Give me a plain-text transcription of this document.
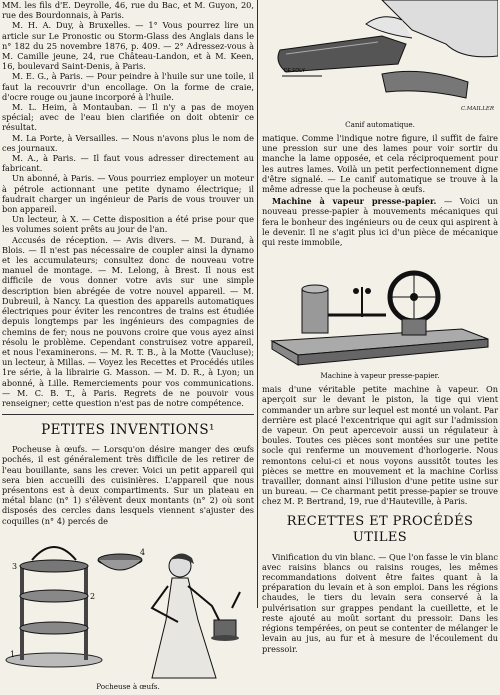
MM. les fils d'E. Deyrolle, 46, rue du Bac, et M. Guyon, 20, rue des Bourdonnais, à Paris.

M. H. A. Duy, à Bruxelles. — 1° Vous pourrez lire un article sur Le Pronostic ou Storm-Glass des Anglais dans le n° 182 du 25 novembre 1876, p. 409. — 2° Adressez-vous à M. Camille jeune, 24, rue Château-Landon, et à M. Keen, 16, boulevard Saint-Denis, à Paris.

M. E. G., à Paris. — Pour peindre à l'huile sur une toile, il faut la recouvrir d'un encollage. On la forme de craie, d'ocre rouge ou jaune incorporé à l'huile.

M. L. Heim, à Montauban. — Il n'y a pas de moyen spécial; avec de l'eau bien clarifiée on doit obtenir ce résultat.

M. La Porte, à Versailles. — Nous n'avons plus le nom de ces journaux.

M. A., à Paris. — Il faut vous adresser directement au fabricant.

Un abonné, à Paris. — Vous pourriez employer un moteur à pétrole actionnant une petite dynamo électrique; il faudrait charger un ingénieur de Paris de vous trouver un bon appareil.

Un lecteur, à X. — Cette disposition a été prise pour que les volumes soient prêts au jour de l'an.

Accusés de réception. — Avis divers. — M. Durand, à Blois. — Il n'est pas nécessaire de coupler ainsi la dynamo et les accumulateurs; consultez donc de nouveau votre manuel de montage. — M. Lelong, à Brest. Il nous est difficile de vous donner votre avis sur une simple description bien abrégée de votre nouvel appareil. — M. Dubreuil, à Nancy. La question des appareils automatiques électriques pour éviter les rencontres de trains est étudiée depuis longtemps par les ingénieurs des compagnies de chemins de fer; nous ne pouvons croire que vous ayez ainsi résolu le problème. Cependant construisez votre appareil, et nous l'examinerons. — M. R. T. B., à la Motte (Vaucluse); un lecteur, à Millas. — Voyez les Recettes et Procédés utiles 1re série, à la librairie G. Masson. — M. D. R., à Lyon; un abonné, à Lille. Remerciements pour vos communications. — M. C. B. T., à Paris. Regrets de ne pouvoir vous renseigner; cette question n'est pas de notre compétence.

PETITES INVENTIONS¹

Pocheuse à œufs. — Lorsqu'on désire manger des œufs pochés, il est généralement très difficile de les retirer de l'eau bouillante, sans les crever. Voici un petit appareil qui sera bien accueilli des cuisinières. L'appareil que nous présentons est à deux compartiments. Sur un plateau en métal blanc (n° 1) s'élèvent deux montants (n° 2) où sont disposés des cercles dans lesquels viennent s'ajuster des coquilles (n° 4) percés de

3
2
1
4
Pocheuse à œufs.
DE FOLY
C.MAILLER
Canif automatique.

matique. Comme l'indique notre figure, il suffit de faire une pression sur une des lames pour voir sortir du manche la lame opposée, et cela réciproquement pour les autres lames. Voilà un petit perfectionnement digne d'être signalé. — Le canif automatique se trouve à la même adresse que la pocheuse à œufs.

Machine à vapeur presse-papier. — Voici un nouveau presse-papier à mouvements mécaniques qui fera le bonheur des ingénieurs ou de ceux qui aspirent à le devenir. Il ne s'agit plus ici d'un pièce de mécanique qui reste immobile,

Machine à vapeur presse-papier.

mais d'une véritable petite machine à vapeur. On aperçoit sur le devant le piston, la tige qui vient commander un arbre sur lequel est monté un volant. Par derrière est placé l'excentrique qui agit sur l'admission de vapeur. On peut apercevoir aussi un régulateur à boules. Toutes ces pièces sont montées sur une petite socle qui renferme un mouvement d'horlogerie. Nous remontons celui-ci et nous voyons aussitôt toutes les pièces se mettre en mouvement et la machine Corliss travailler, donnant ainsi l'illusion d'une petite usine sur un bureau. — Ce charmant petit presse-papier se trouve chez M. P. Bertrand, 19, rue d'Hauteville, à Paris.

RECETTES ET PROCÉDÉS UTILES

Vinification du vin blanc. — Que l'on fasse le vin blanc avec raisins blancs ou raisins rouges, les mêmes recommandations doivent être faites quant à la préparation du levain et à son emploi. Dans les régions chaudes, le tiers du levain sera conservé à la pulvérisation sur grappes pendant la cueillette, et le reste ajouté au moût sortant du pressoir. Dans les régions tempérées, on peut se contenter de mélanger le levain au jus, au fur et à mesure de l'écoulement du pressoir.
